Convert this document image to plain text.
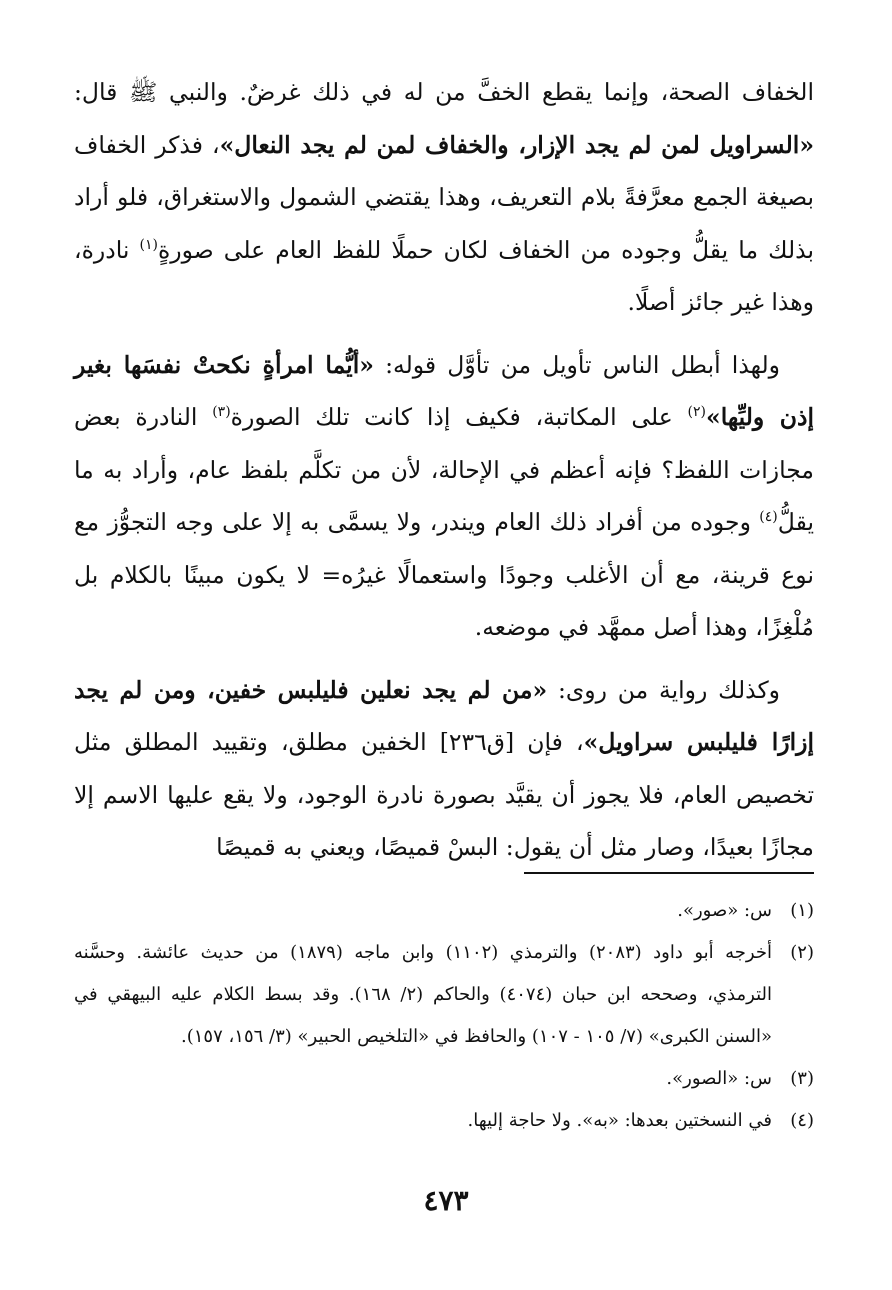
الخفاف الصحة، وإنما يقطع الخفَّ من له في ذلك غرضٌ. والنبي ﷺ قال: «السراويل لمن لم يجد الإزار، والخفاف لمن لم يجد النعال»، فذكر الخفاف بصيغة الجمع معرَّفةً بلام التعريف، وهذا يقتضي الشمول والاستغراق، فلو أراد بذلك ما يقلُّ وجوده من الخفاف لكان حملًا للفظ العام على صورةٍ$^{(١)}$ نادرة، وهذا غير جائز أصلًا.

ولهذا أبطل الناس تأويل من تأوَّل قوله: «أيُّما امرأةٍ نكحتْ نفسَها بغير إذن وليِّها»$^{(٢)}$ على المكاتبة، فكيف إذا كانت تلك الصورة$^{(٣)}$ النادرة بعض مجازات اللفظ؟ فإنه أعظم في الإحالة، لأن من تكلَّم بلفظ عام، وأراد به ما يقلُّ$^{(٤)}$ وجوده من أفراد ذلك العام ويندر، ولا يسمَّى به إلا على وجه التجوُّز مع نوع قرينة، مع أن الأغلب وجودًا واستعمالًا غيرُه= لا يكون مبينًا بالكلام بل مُلْغِزًا، وهذا أصل ممهَّد في موضعه.

وكذلك رواية من روى: «من لم يجد نعلين فليلبس خفين، ومن لم يجد إزارًا فليلبس سراويل»، فإن [ق٢٣٦] الخفين مطلق، وتقييد المطلق مثل تخصيص العام، فلا يجوز أن يقيَّد بصورة نادرة الوجود، ولا يقع عليها الاسم إلا مجازًا بعيدًا، وصار مثل أن يقول: البسْ قميصًا، ويعني به قميصًا

(١)
س: «صور».
(٢)
أخرجه أبو داود (٢٠٨٣) والترمذي (١١٠٢) وابن ماجه (١٨٧٩) من حديث عائشة. وحسَّنه الترمذي، وصححه ابن حبان (٤٠٧٤) والحاكم (٢/ ١٦٨). وقد بسط الكلام عليه البيهقي في «السنن الكبرى» (٧/ ١٠٥ - ١٠٧) والحافظ في «التلخيص الحبير» (٣/ ١٥٦، ١٥٧).
(٣)
س: «الصور».
(٤)
في النسختين بعدها: «به». ولا حاجة إليها.
٤٧٣
